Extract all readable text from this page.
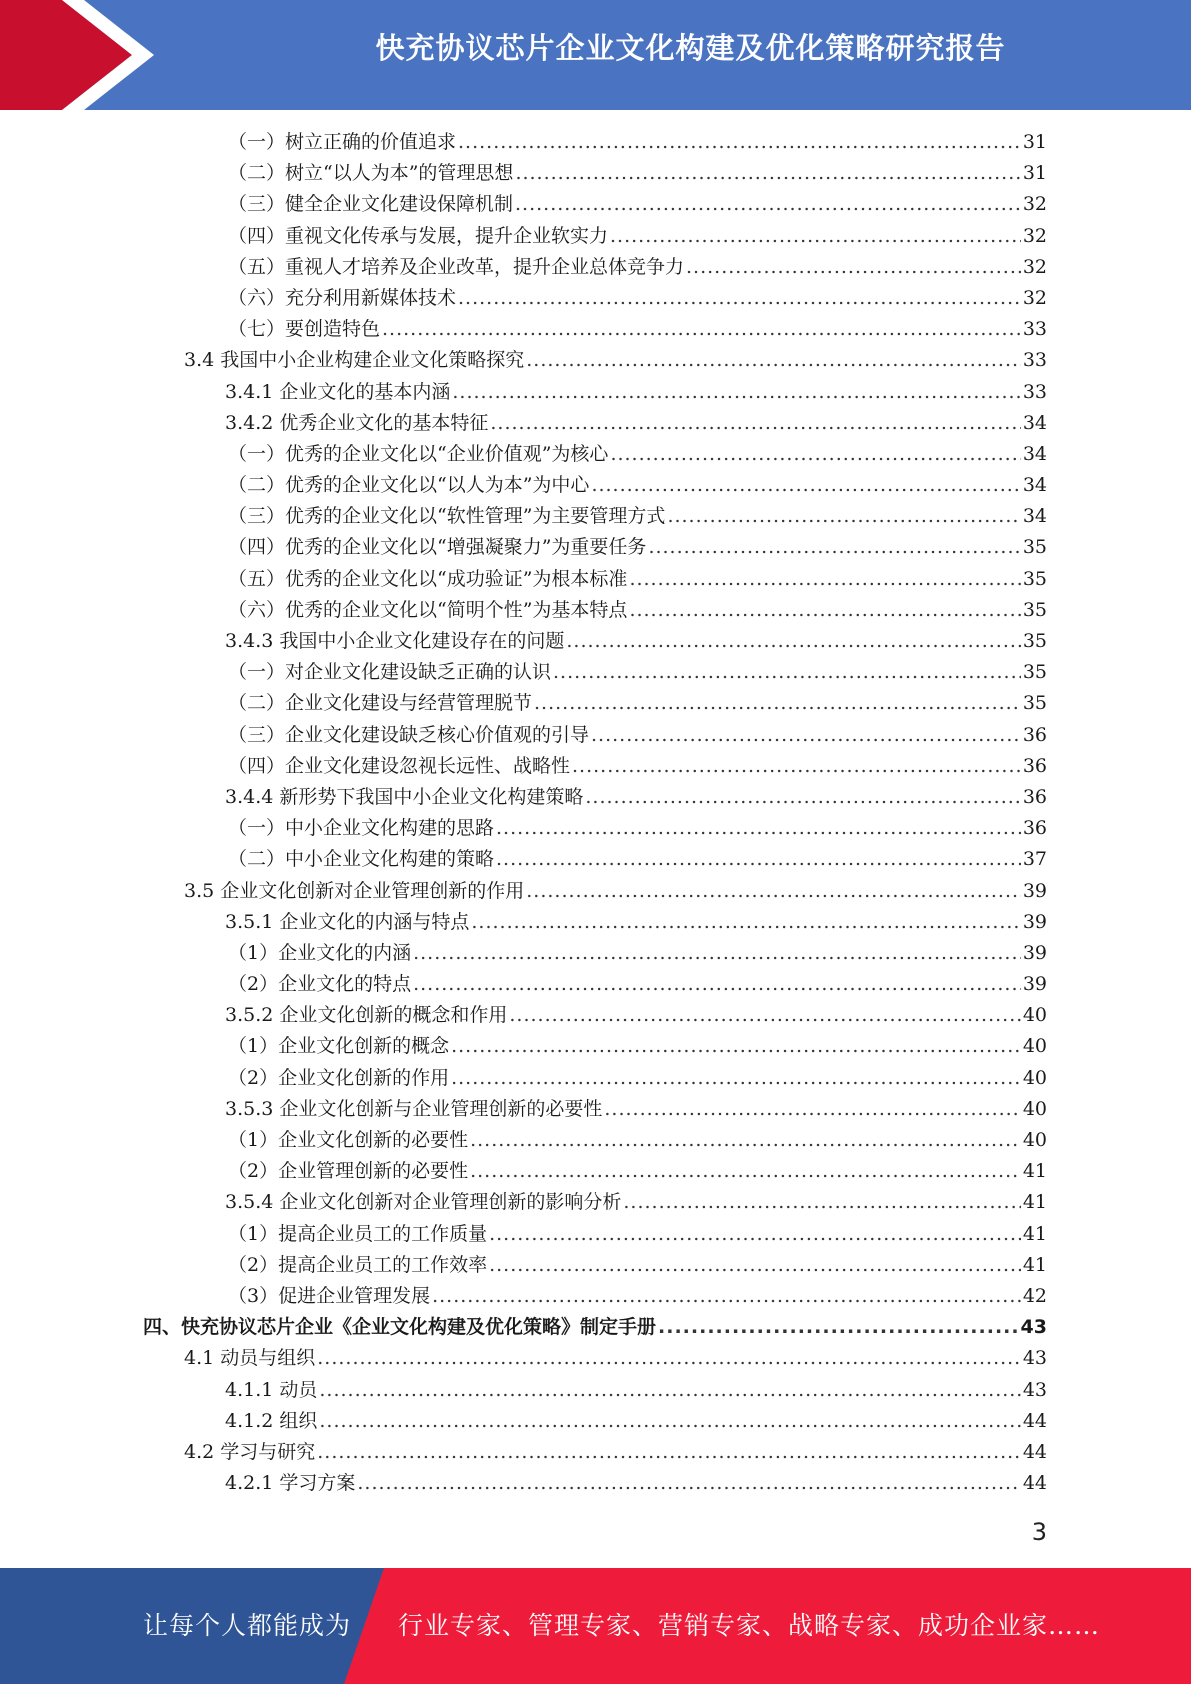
快充协议芯片企业文化构建及优化策略研究报告
（一）树立正确的价值追求 .....	31
（二）树立“以人为本”的管理思想 .....	31
（三）健全企业文化建设保障机制 .....	32
（四）重视文化传承与发展，提升企业软实力 .....	32
（五）重视人才培养及企业改革，提升企业总体竞争力 .....	32
（六）充分利用新媒体技术 .....	32
（七）要创造特色 .....	33
3.4 我国中小企业构建企业文化策略探究 .....	33
3.4.1 企业文化的基本内涵 .....	33
3.4.2 优秀企业文化的基本特征 .....	34
（一）优秀的企业文化以“企业价值观”为核心 .....	34
（二）优秀的企业文化以“以人为本”为中心 .....	34
（三）优秀的企业文化以“软性管理”为主要管理方式 .....	34
（四）优秀的企业文化以“增强凝聚力”为重要任务 .....	35
（五）优秀的企业文化以“成功验证”为根本标准 .....	35
（六）优秀的企业文化以“简明个性”为基本特点 .....	35
3.4.3 我国中小企业文化建设存在的问题 .....	35
（一）对企业文化建设缺乏正确的认识 .....	35
（二）企业文化建设与经营管理脱节 .....	35
（三）企业文化建设缺乏核心价值观的引导 .....	36
（四）企业文化建设忽视长远性、战略性 .....	36
3.4.4 新形势下我国中小企业文化构建策略 .....	36
（一）中小企业文化构建的思路 .....	36
（二）中小企业文化构建的策略 .....	37
3.5 企业文化创新对企业管理创新的作用 .....	39
3.5.1 企业文化的内涵与特点 .....	39
（1）企业文化的内涵 .....	39
（2）企业文化的特点 .....	39
3.5.2 企业文化创新的概念和作用 .....	40
（1）企业文化创新的概念 .....	40
（2）企业文化创新的作用 .....	40
3.5.3 企业文化创新与企业管理创新的必要性 .....	40
（1）企业文化创新的必要性 .....	40
（2）企业管理创新的必要性 .....	41
3.5.4 企业文化创新对企业管理创新的影响分析 .....	41
（1）提高企业员工的工作质量 .....	41
（2）提高企业员工的工作效率 .....	41
（3）促进企业管理发展 .....	42
四、快充协议芯片企业《企业文化构建及优化策略》制定手册 .....	43
4.1 动员与组织 .....	43
4.1.1 动员 .....	43
4.1.2 组织 .....	44
4.2 学习与研究 .....	44
4.2.1 学习方案 .....	44
3
让每个人都能成为 行业专家、管理专家、营销专家、战略专家、成功企业家……
